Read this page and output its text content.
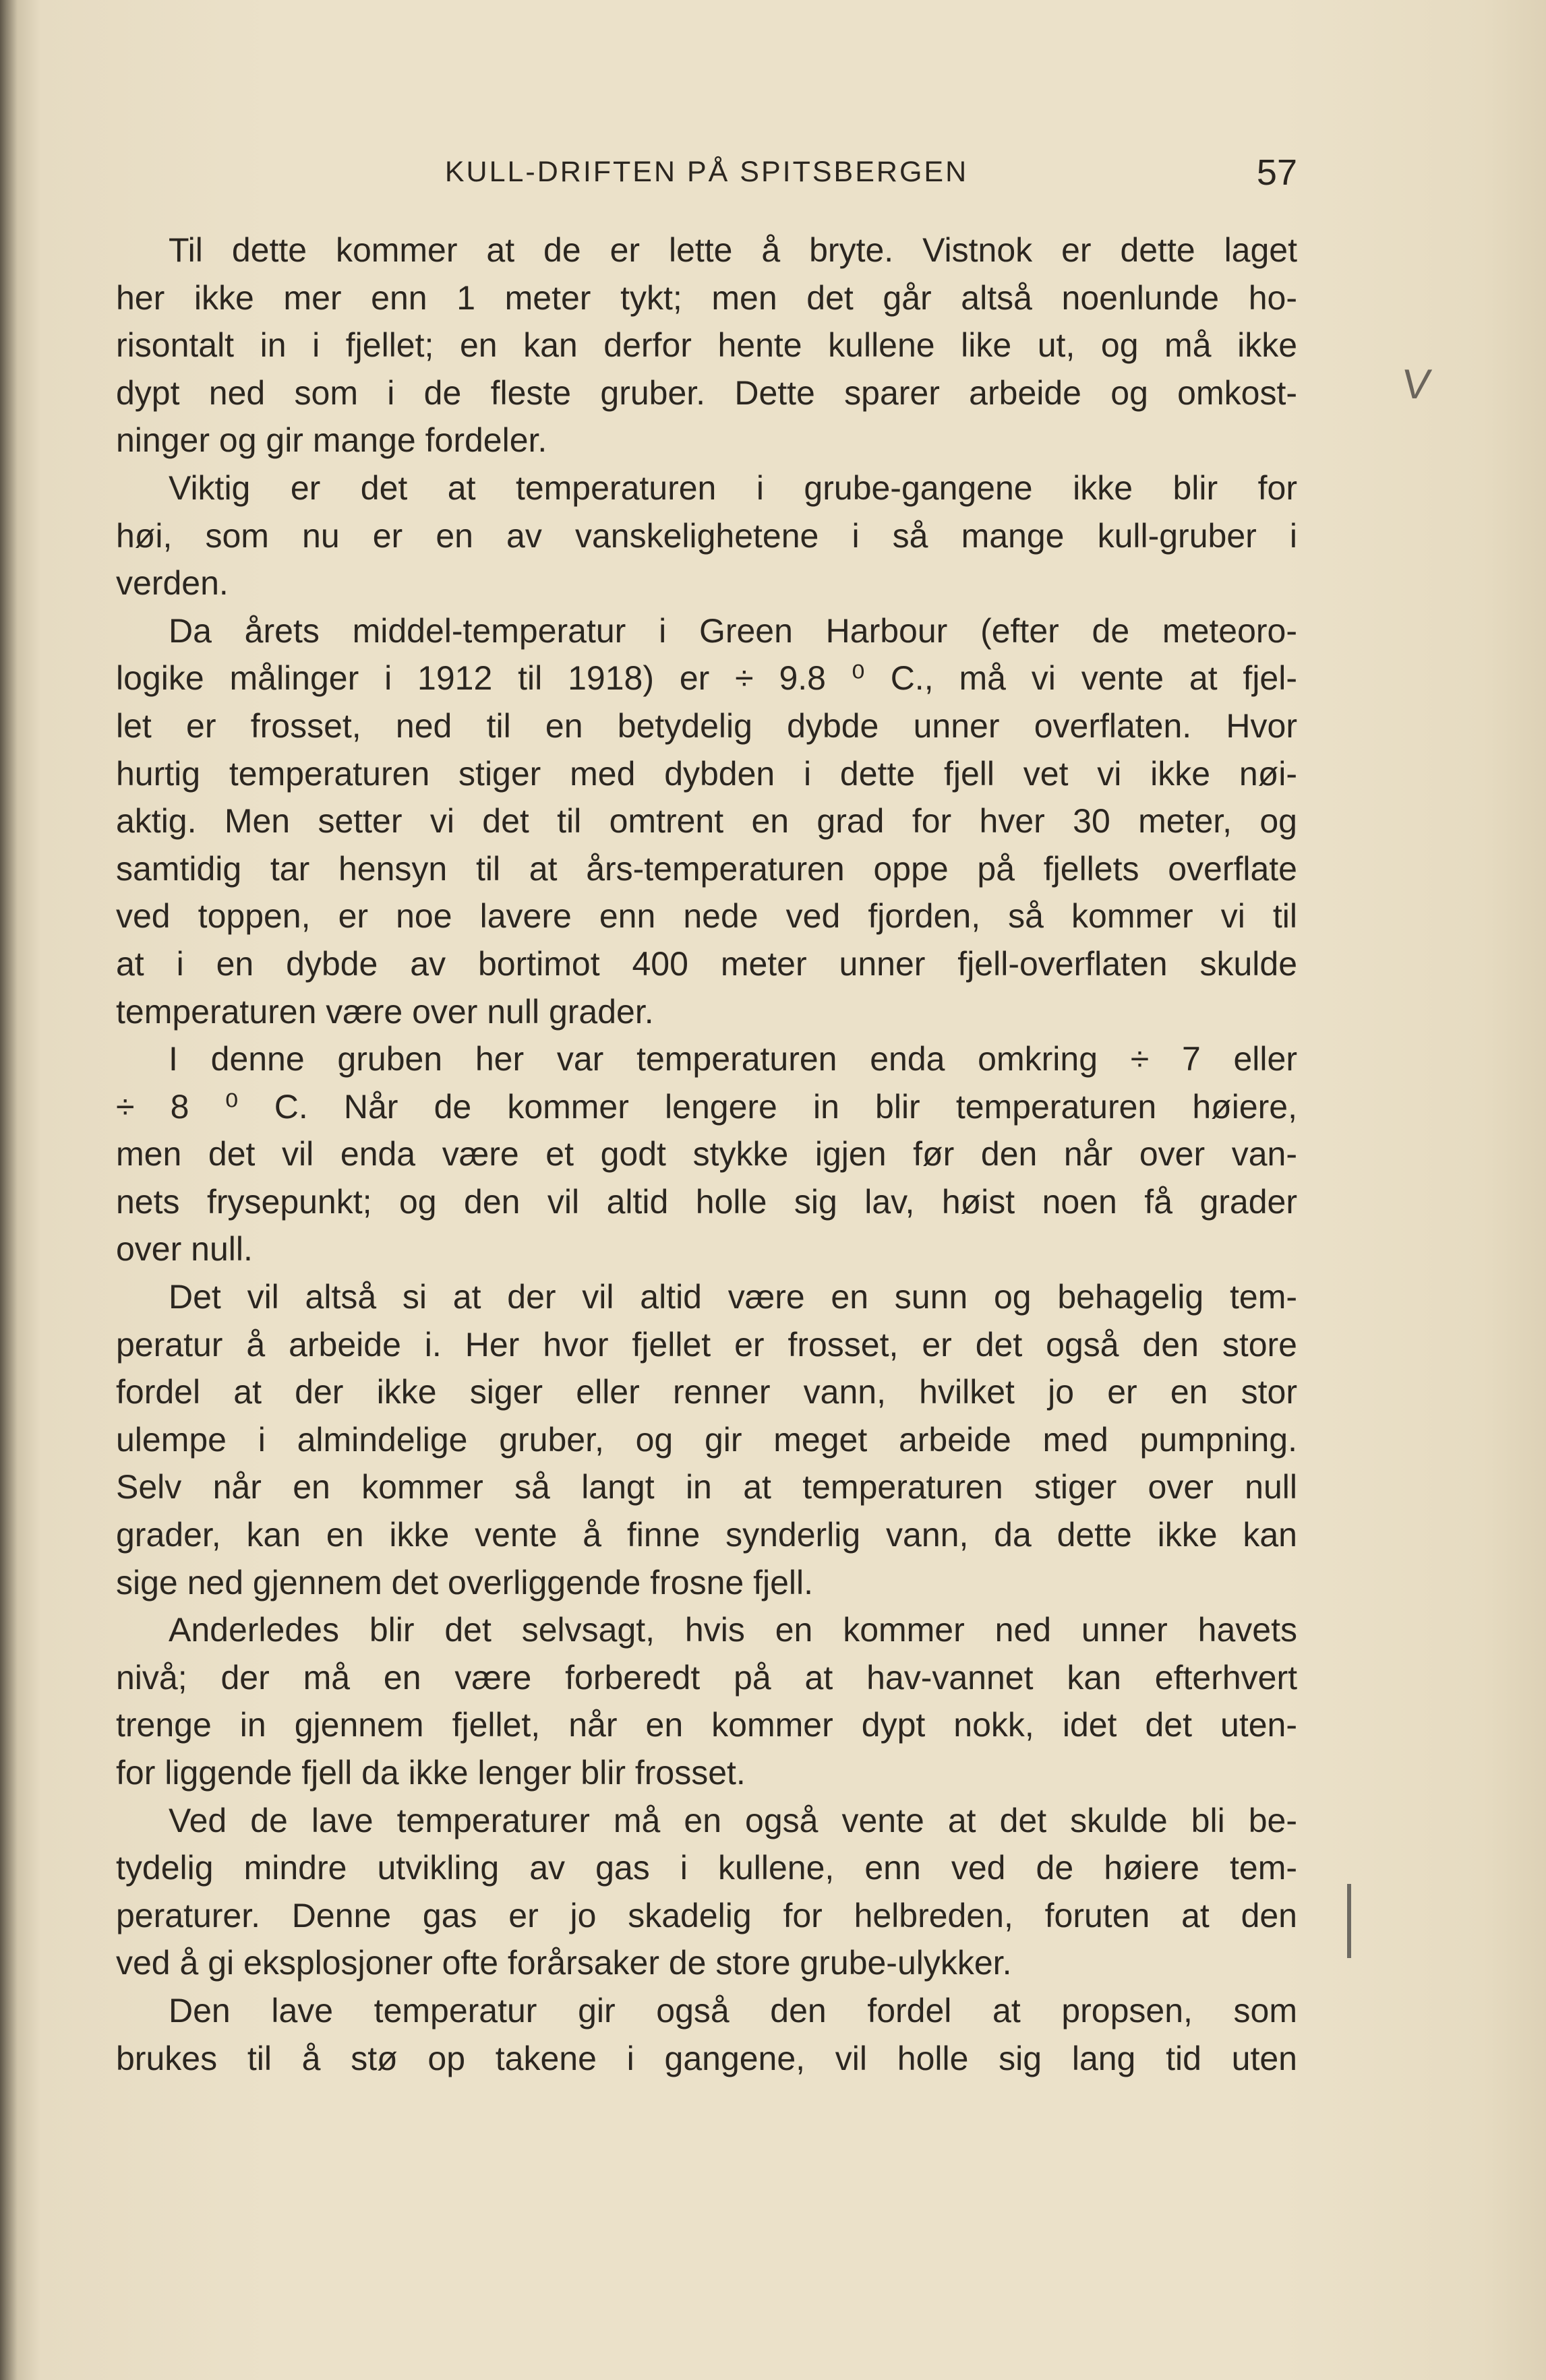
KULL-DRIFTEN PÅ SPITSBERGEN	57
Til dette kommer at de er lette å bryte. Vistnok er dette laget
her ikke mer enn 1 meter tykt; men det går altså noenlunde ho-
risontalt in i fjellet; en kan derfor hente kullene like ut, og må ikke
dypt ned som i de fleste gruber. Dette sparer arbeide og omkost-
ninger og gir mange fordeler.
Viktig er det at temperaturen i grube-gangene ikke blir for
høi, som nu er en av vanskelighetene i så mange kull-gruber i
verden.
Da årets middel-temperatur i Green Harbour (efter de meteoro-
logike målinger i 1912 til 1918) er ÷ 9.8 ⁰ C., må vi vente at fjel-
let er frosset, ned til en betydelig dybde unner overflaten. Hvor
hurtig temperaturen stiger med dybden i dette fjell vet vi ikke nøi-
aktig. Men setter vi det til omtrent en grad for hver 30 meter, og
samtidig tar hensyn til at års-temperaturen oppe på fjellets overflate
ved toppen, er noe lavere enn nede ved fjorden, så kommer vi til
at i en dybde av bortimot 400 meter unner fjell-overflaten skulde
temperaturen være over null grader.
I denne gruben her var temperaturen enda omkring ÷ 7 eller
÷ 8 ⁰ C. Når de kommer lengere in blir temperaturen høiere,
men det vil enda være et godt stykke igjen før den når over van-
nets frysepunkt; og den vil altid holle sig lav, høist noen få grader
over null.
Det vil altså si at der vil altid være en sunn og behagelig tem-
peratur å arbeide i. Her hvor fjellet er frosset, er det også den store
fordel at der ikke siger eller renner vann, hvilket jo er en stor
ulempe i almindelige gruber, og gir meget arbeide med pumpning.
Selv når en kommer så langt in at temperaturen stiger over null
grader, kan en ikke vente å finne synderlig vann, da dette ikke kan
sige ned gjennem det overliggende frosne fjell.
Anderledes blir det selvsagt, hvis en kommer ned unner havets
nivå; der må en være forberedt på at hav-vannet kan efterhvert
trenge in gjennem fjellet, når en kommer dypt nokk, idet det uten-
for liggende fjell da ikke lenger blir frosset.
Ved de lave temperaturer må en også vente at det skulde bli be-
tydelig mindre utvikling av gas i kullene, enn ved de høiere tem-
peraturer. Denne gas er jo skadelig for helbreden, foruten at den
ved å gi eksplosjoner ofte forårsaker de store grube-ulykker.
Den lave temperatur gir også den fordel at propsen, som
brukes til å stø op takene i gangene, vil holle sig lang tid uten
V
